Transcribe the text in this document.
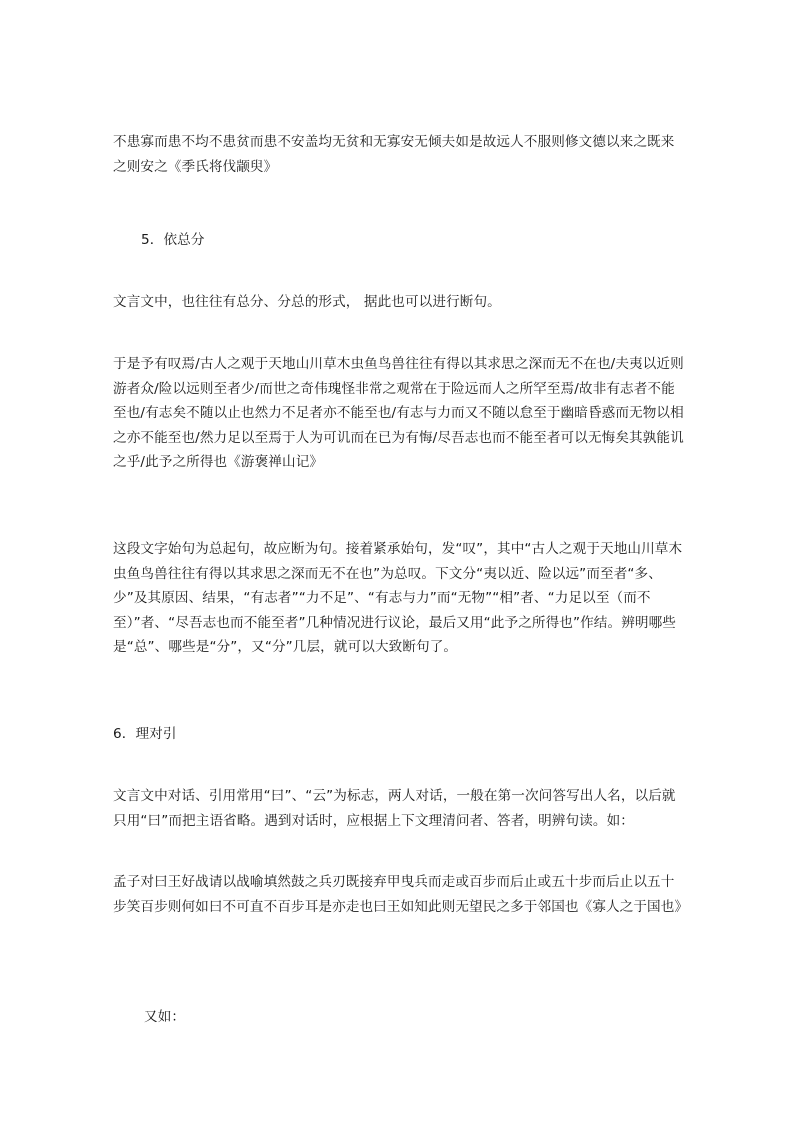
不患寡而患不均不患贫而患不安盖均无贫和无寡安无倾夫如是故远人不服则修文德以来之既来之则安之《季氏将伐颛臾》

5．依总分

文言文中，也往往有总分、分总的形式， 据此也可以进行断句。

于是予有叹焉/古人之观于天地山川草木虫鱼鸟兽往往有得以其求思之深而无不在也/夫夷以近则游者众/险以远则至者少/而世之奇伟瑰怪非常之观常在于险远而人之所罕至焉/故非有志者不能至也/有志矣不随以止也然力不足者亦不能至也/有志与力而又不随以怠至于幽暗昏惑而无物以相之亦不能至也/然力足以至焉于人为可讥而在已为有悔/尽吾志也而不能至者可以无悔矣其孰能讥之乎/此予之所得也《游褒禅山记》

这段文字始句为总起句，故应断为句。接着紧承始句，发“叹”，其中“古人之观于天地山川草木虫鱼鸟兽往往有得以其求思之深而无不在也”为总叹。下文分“夷以近、险以远”而至者“多、少”及其原因、结果，“有志者”“力不足”、“有志与力”而“无物”“相”者、“力足以至（而不至）”者、“尽吾志也而不能至者”几种情况进行议论，最后又用“此予之所得也”作结。辨明哪些是“总”、哪些是“分”，又“分”几层，就可以大致断句了。

6．理对引

文言文中对话、引用常用“曰”、“云”为标志，两人对话，一般在第一次问答写出人名，以后就只用“曰”而把主语省略。遇到对话时，应根据上下文理清问者、答者，明辨句读。如：

孟子对曰王好战请以战喻填然鼓之兵刃既接弃甲曳兵而走或百步而后止或五十步而后止以五十步笑百步则何如曰不可直不百步耳是亦走也曰王如知此则无望民之多于邻国也《寡人之于国也》

又如：
